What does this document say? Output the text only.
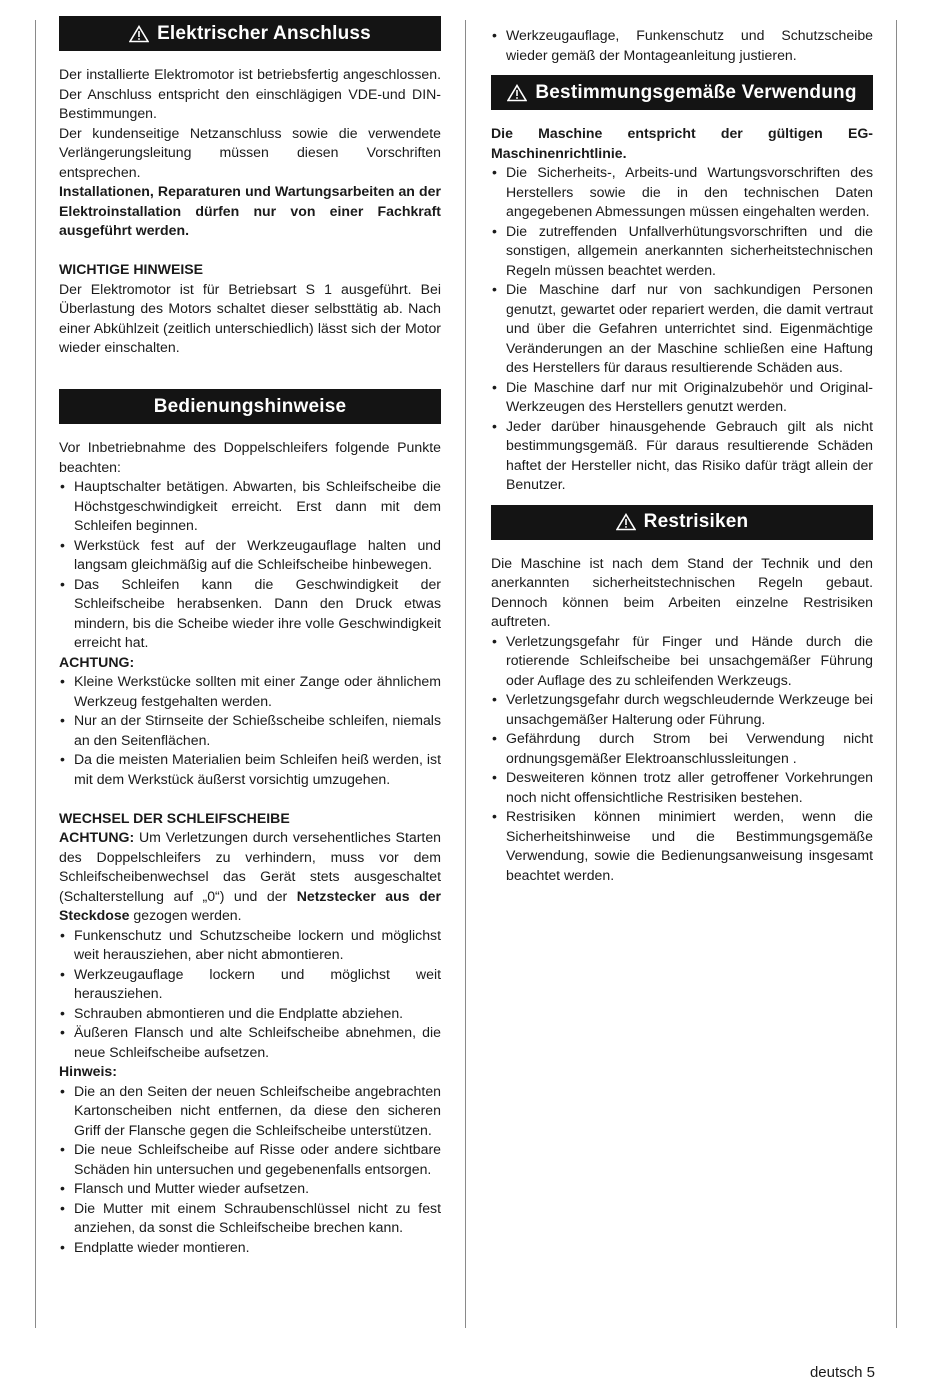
Elektrischer Anschluss

Der installierte Elektromotor ist betriebsfertig angeschlossen. Der Anschluss entspricht den einschlägigen VDE-und DIN-Bestimmungen.

Der kundenseitige Netzanschluss sowie die verwendete Verlängerungsleitung müssen diesen Vorschriften entsprechen.

Installationen, Reparaturen und Wartungsarbeiten an der Elektroinstallation dürfen nur von einer Fachkraft ausgeführt werden.

WICHTIGE HINWEISE

Der Elektromotor ist für Betriebsart S 1 ausgeführt. Bei Überlastung des Motors schaltet dieser selbsttätig ab. Nach einer Abkühlzeit (zeitlich unterschiedlich) lässt sich der Motor wieder einschalten.

Bedienungshinweise

Vor Inbetriebnahme des Doppelschleifers folgende Punkte beachten:

• Hauptschalter betätigen. Abwarten, bis Schleifscheibe die Höchstgeschwindigkeit erreicht. Erst dann mit dem Schleifen beginnen.
• Werkstück fest auf der Werkzeugauflage halten und langsam gleichmäßig auf die Schleifscheibe hinbewegen.
• Das Schleifen kann die Geschwindigkeit der Schleifscheibe herabsenken. Dann den Druck etwas mindern, bis die Scheibe wieder ihre volle Geschwindigkeit erreicht hat.

ACHTUNG:

• Kleine Werkstücke sollten mit einer Zange oder ähnlichem Werkzeug festgehalten werden.
• Nur an der Stirnseite der Schießscheibe schleifen, niemals an den Seitenflächen.
• Da die meisten Materialien beim Schleifen heiß werden, ist mit dem Werkstück äußerst vorsichtig umzugehen.

WECHSEL DER SCHLEIFSCHEIBE

ACHTUNG: Um Verletzungen durch versehentliches Starten des Doppelschleifers zu verhindern, muss vor dem Schleifscheibenwechsel das Gerät stets ausgeschaltet (Schalterstellung auf „0“) und der Netzstecker aus der Steckdose gezogen werden.

• Funkenschutz und Schutzscheibe lockern und möglichst weit herausziehen, aber nicht abmontieren.
• Werkzeugauflage lockern und möglichst weit herausziehen.
• Schrauben abmontieren und die Endplatte abziehen.
• Äußeren Flansch und alte Schleifscheibe abnehmen, die neue Schleifscheibe aufsetzen.

Hinweis:

• Die an den Seiten der neuen Schleifscheibe angebrachten Kartonscheiben nicht entfernen, da diese den sicheren Griff der Flansche gegen die Schleifscheibe unterstützen.
• Die neue Schleifscheibe auf Risse oder andere sichtbare Schäden hin untersuchen und gegebenenfalls entsorgen.
• Flansch und Mutter wieder aufsetzen.
• Die Mutter mit einem Schraubenschlüssel nicht zu fest anziehen, da sonst die Schleifscheibe brechen kann.
• Endplatte wieder montieren.
• Werkzeugauflage, Funkenschutz und Schutzscheibe wieder gemäß der Montageanleitung justieren.
Bestimmungsgemäße Verwendung

Die Maschine entspricht der gültigen EG-Maschinenrichtlinie.

• Die Sicherheits-, Arbeits-und Wartungsvorschriften des Herstellers sowie die in den technischen Daten angegebenen Abmessungen müssen eingehalten werden.
• Die zutreffenden Unfallverhütungsvorschriften und die sonstigen, allgemein anerkannten sicherheitstechnischen Regeln müssen beachtet werden.
• Die Maschine darf nur von sachkundigen Personen genutzt, gewartet oder repariert werden, die damit vertraut und über die Gefahren unterrichtet sind. Eigenmächtige Veränderungen an der Maschine schließen eine Haftung des Herstellers für daraus resultierende Schäden aus.
• Die Maschine darf nur mit Originalzubehör und Original- Werkzeugen des Herstellers genutzt werden.
• Jeder darüber hinausgehende Gebrauch gilt als nicht bestimmungsgemäß. Für daraus resultierende Schäden haftet der Hersteller nicht, das Risiko dafür trägt allein der Benutzer.
Restrisiken

Die Maschine ist nach dem Stand der Technik und den anerkannten sicherheitstechnischen Regeln gebaut. Dennoch können beim Arbeiten einzelne Restrisiken auftreten.

• Verletzungsgefahr für Finger und Hände durch die rotierende Schleifscheibe bei unsachgemäßer Führung oder Auflage des zu schleifenden Werkzeugs.
• Verletzungsgefahr durch wegschleudernde Werkzeuge bei unsachgemäßer Halterung oder Führung.
• Gefährdung durch Strom bei Verwendung nicht ordnungsgemäßer Elektroanschlussleitungen .
• Desweiteren können trotz aller getroffener Vorkehrungen noch nicht offensichtliche Restrisiken bestehen.
• Restrisiken können minimiert werden, wenn die Sicherheitshinweise und die Bestimmungsgemäße Verwendung, sowie die Bedienungsanweisung insgesamt beachtet werden.
deutsch 5
